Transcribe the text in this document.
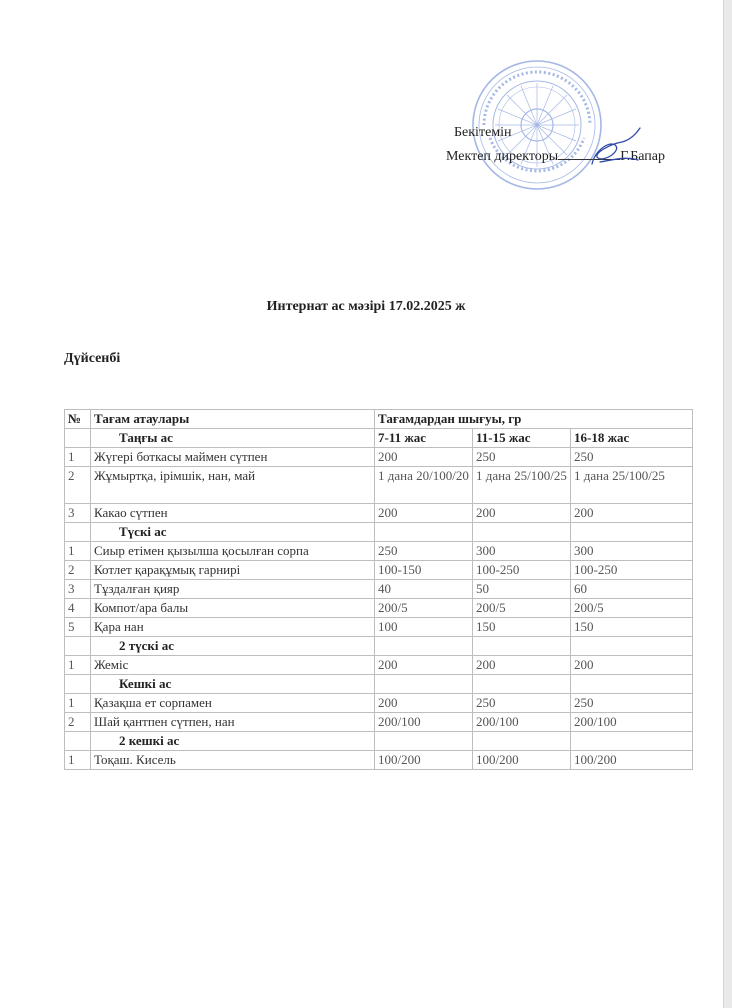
Бекітемін
Мектеп директоры	Г.Бапар
Интернат ас мәзірі 17.02.2025 ж
Дүйсенбі
№	Тағам атаулары	Тағамдардан шығуы, гр		
	Таңғы ас	7-11 жас	11-15 жас	16-18 жас
1	Жүгері боткасы маймен сүтпен	200	250	250
2	Жұмыртқа, ірімшік, нан, май	1 дана 20/100/20	1 дана 25/100/25	1 дана 25/100/25
3	Какао сүтпен	200	200	200
	Түскі ас			
1	Сиыр етімен қызылша қосылған сорпа	250	300	300
2	Котлет қарақұмық гарнирі	100-150	100-250	100-250
3	Тұздалған қияр	40	50	60
4	Компот/ара балы	200/5	200/5	200/5
5	Қара нан	100	150	150
	2 түскі ас			
1	Жеміс	200	200	200
	Кешкі ас			
1	Қазақша ет сорпамен	200	250	250
2	Шай қантпен сүтпен, нан	200/100	200/100	200/100
	2 кешкі ас			
1	Тоқаш. Кисель	100/200	100/200	100/200
